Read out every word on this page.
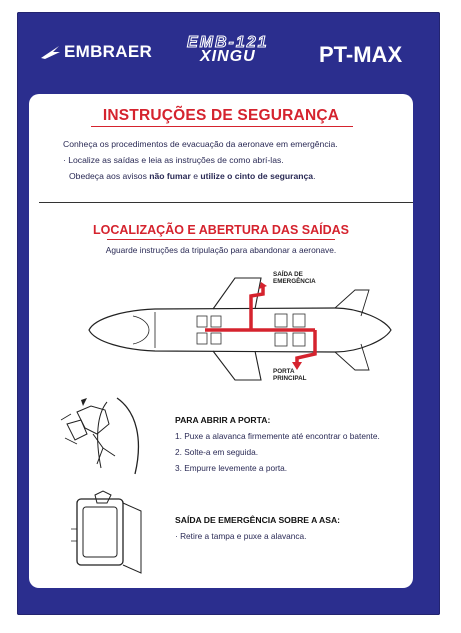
EMBRAER EMB-121
XINGU	PT-MAX
INSTRUÇÕES DE SEGURANÇA
Conheça os procedimentos de evacuação da aeronave em emergência.
· Localize as saídas e leia as instruções de como abrí-las.
Obedeça aos avisos não fumar e utilize o cinto de segurança.
LOCALIZAÇÃO E ABERTURA DAS SAÍDAS
Aguarde instruções da tripulação para abandonar a aeronave.
SAÍDA DE
EMERGÊNCIA
PORTA
PRINCIPAL
PARA ABRIR A PORTA:
1. Puxe a alavanca firmemente até encontrar o batente.
2. Solte-a em seguida.
3. Empurre levemente a porta.
SAÍDA DE EMERGÊNCIA SOBRE A ASA:
· Retire a tampa e puxe a alavanca.
